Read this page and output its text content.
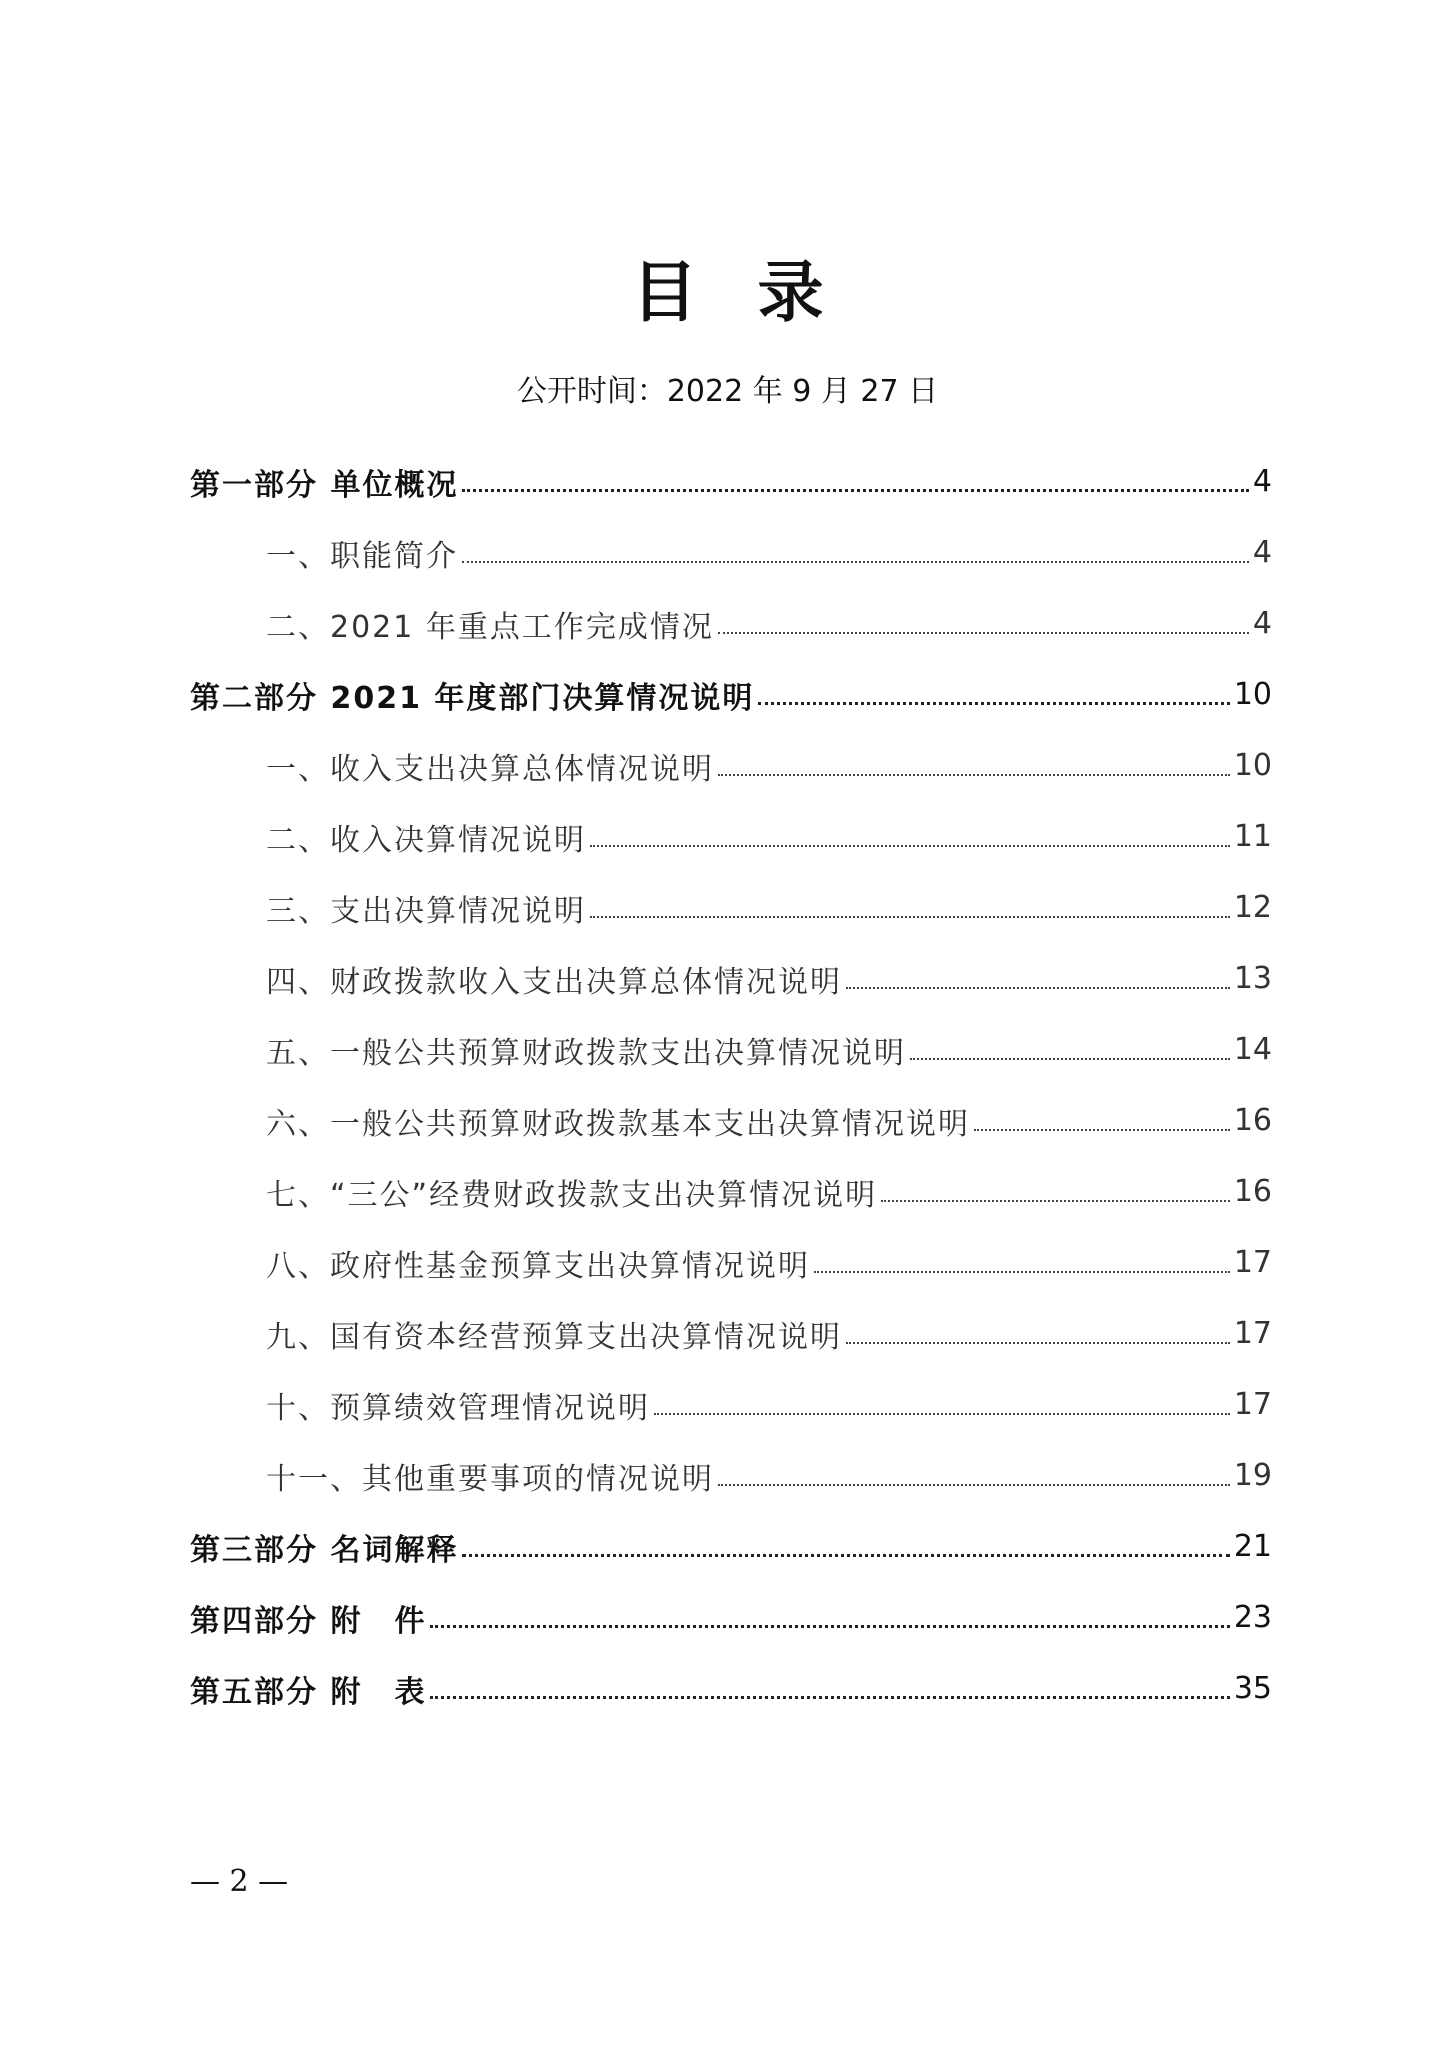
目录
公开时间：2022 年 9 月 27 日
第一部分 单位概况	4
一、职能简介	4
二、2021 年重点工作完成情况	4
第二部分 2021 年度部门决算情况说明	10
一、收入支出决算总体情况说明	10
二、收入决算情况说明	11
三、支出决算情况说明	12
四、财政拨款收入支出决算总体情况说明	13
五、一般公共预算财政拨款支出决算情况说明	14
六、一般公共预算财政拨款基本支出决算情况说明	16
七、“三公”经费财政拨款支出决算情况说明	16
八、政府性基金预算支出决算情况说明	17
九、国有资本经营预算支出决算情况说明	17
十、预算绩效管理情况说明	17
十一、其他重要事项的情况说明	19
第三部分 名词解释	21
第四部分 附　件	23
第五部分 附　表	35
— 2 —
